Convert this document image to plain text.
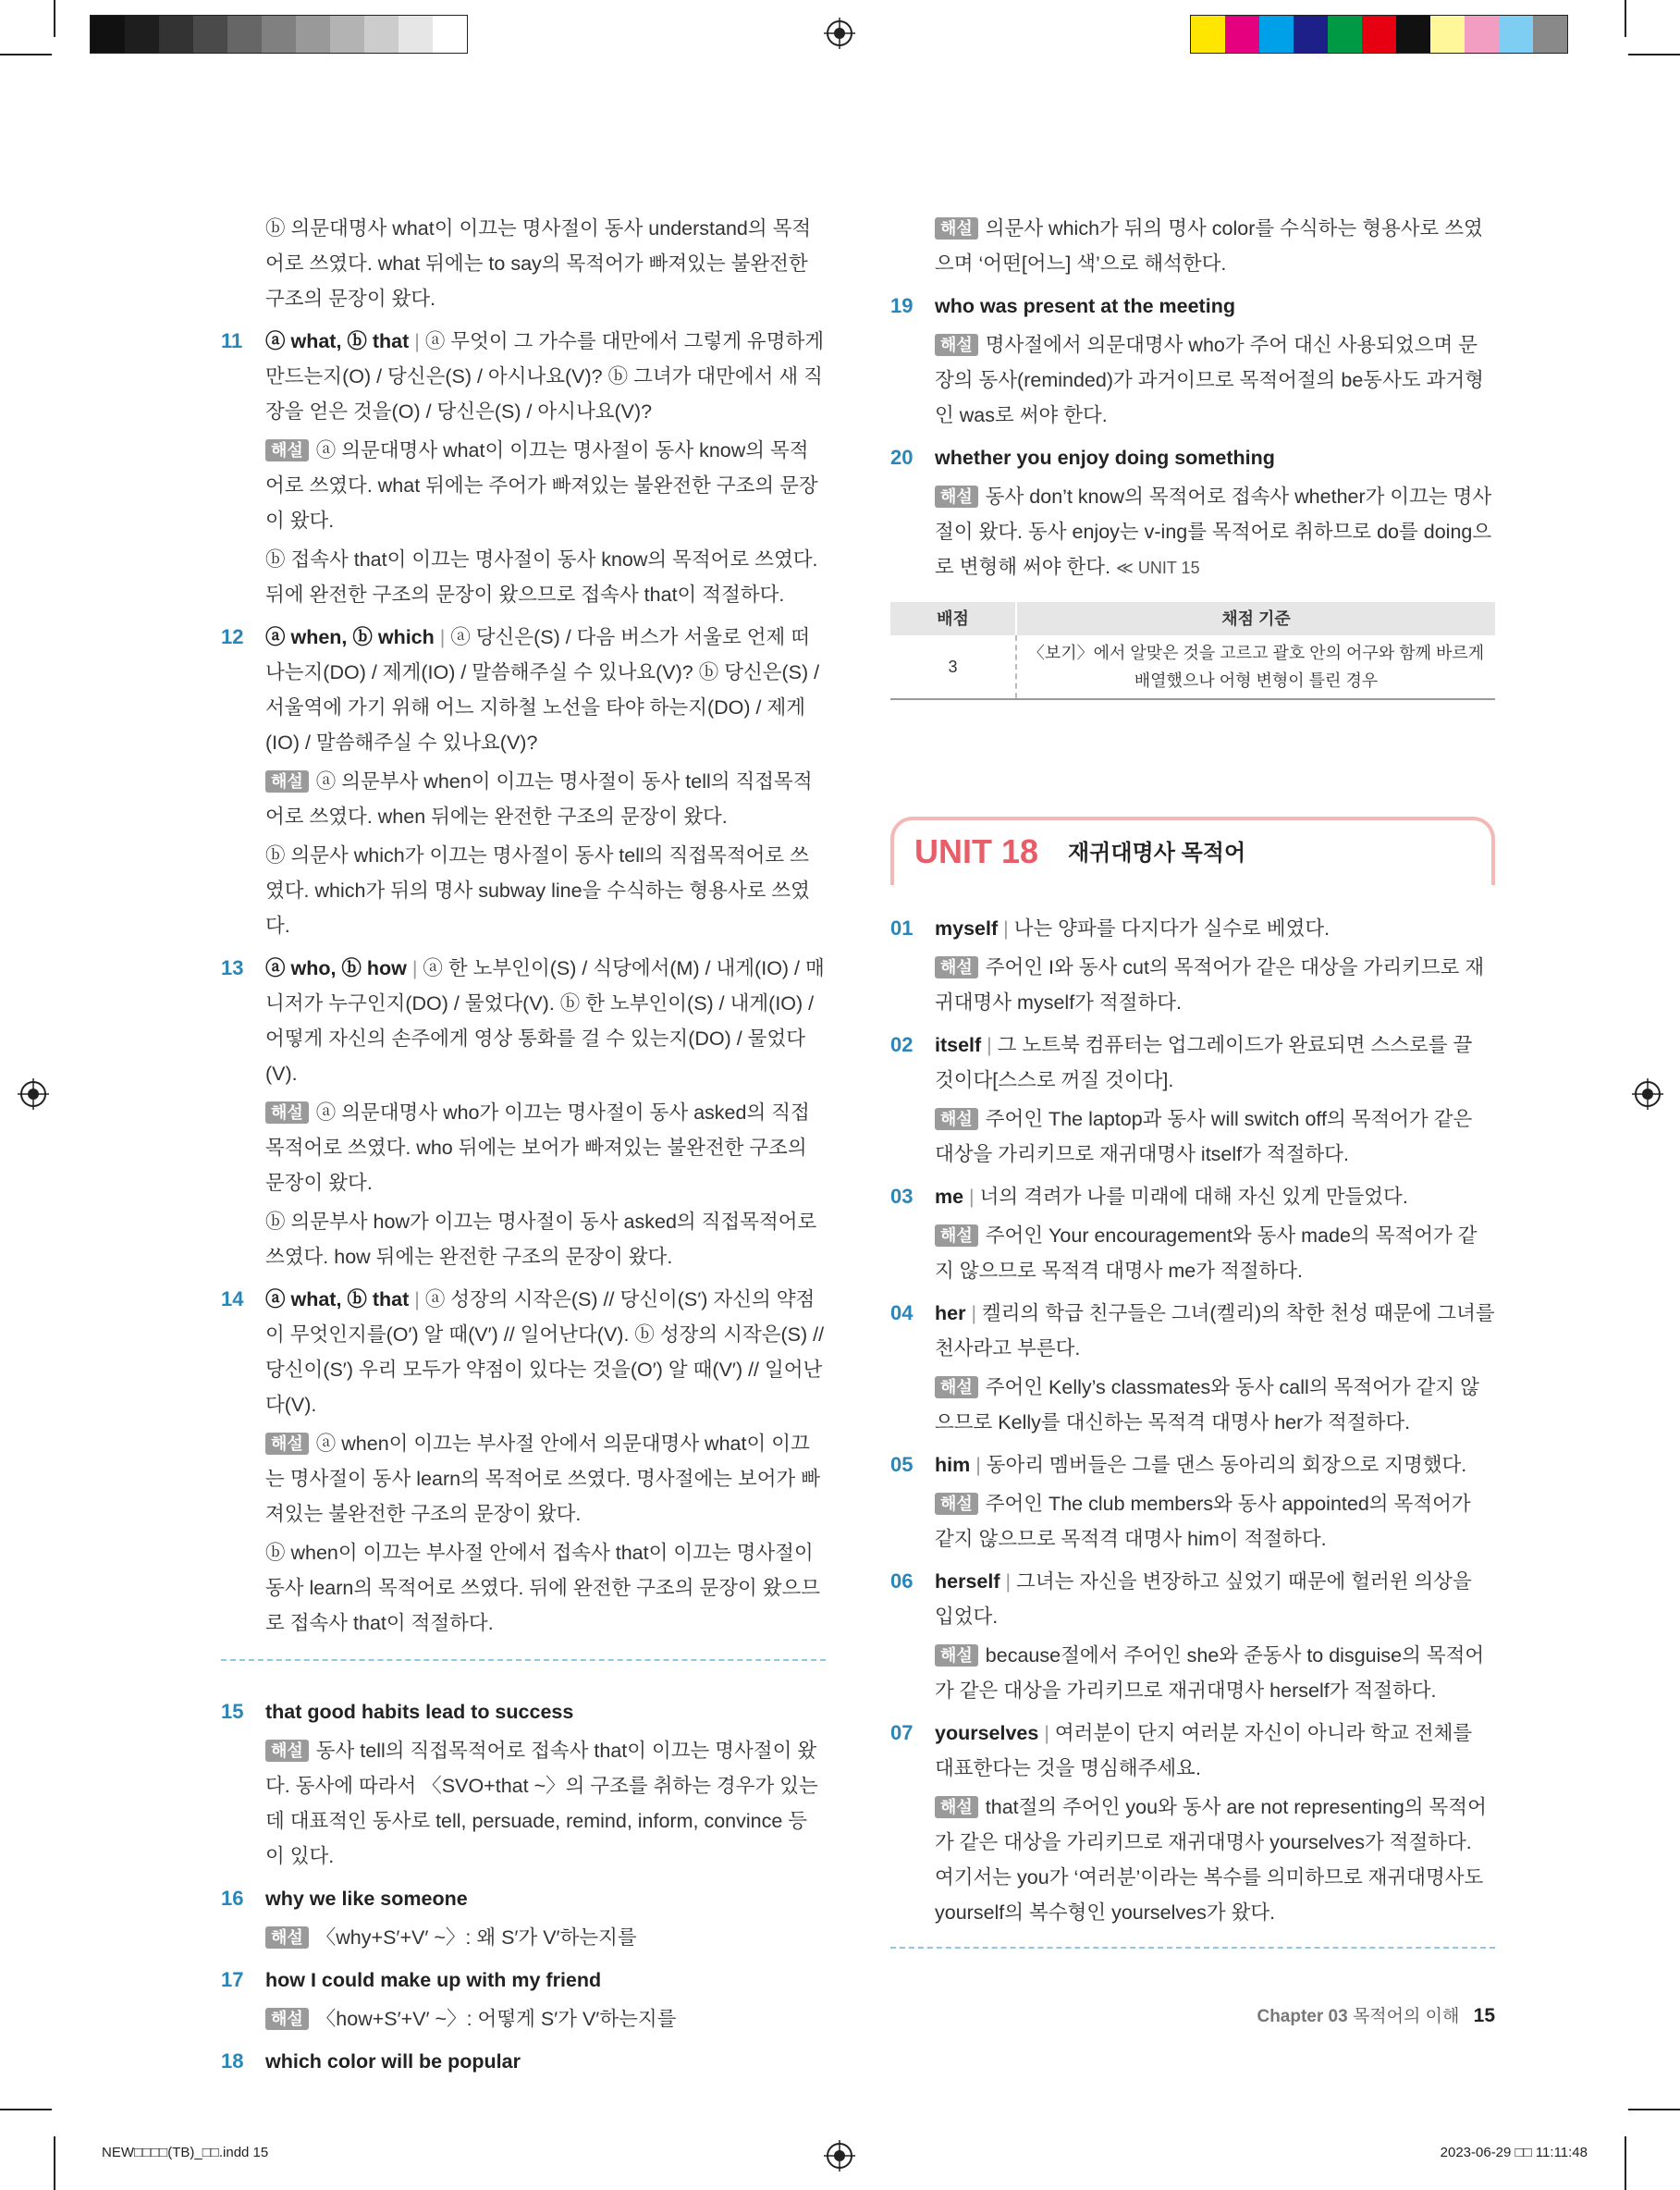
ⓑ 의문대명사 what이 이끄는 명사절이 동사 understand의 목적어로 쓰였다. what 뒤에는 to say의 목적어가 빠져있는 불완전한 구조의 문장이 왔다.
11	ⓐ what, ⓑ that | ⓐ 무엇이 그 가수를 대만에서 그렇게 유명하게 만드는지(O) / 당신은(S) / 아시나요(V)? ⓑ 그녀가 대만에서 새 직장을 얻은 것을(O) / 당신은(S) / 아시나요(V)?
해설 ⓐ 의문대명사 what이 이끄는 명사절이 동사 know의 목적어로 쓰였다. what 뒤에는 주어가 빠져있는 불완전한 구조의 문장이 왔다.
ⓑ 접속사 that이 이끄는 명사절이 동사 know의 목적어로 쓰였다. 뒤에 완전한 구조의 문장이 왔으므로 접속사 that이 적절하다.
12	ⓐ when, ⓑ which | ⓐ 당신은(S) / 다음 버스가 서울로 언제 떠나는지(DO) / 제게(IO) / 말씀해주실 수 있나요(V)? ⓑ 당신은(S) / 서울역에 가기 위해 어느 지하철 노선을 타야 하는지(DO) / 제게(IO) / 말씀해주실 수 있나요(V)?
해설 ⓐ 의문부사 when이 이끄는 명사절이 동사 tell의 직접목적어로 쓰였다. when 뒤에는 완전한 구조의 문장이 왔다.
ⓑ 의문사 which가 이끄는 명사절이 동사 tell의 직접목적어로 쓰였다. which가 뒤의 명사 subway line을 수식하는 형용사로 쓰였다.
13	ⓐ who, ⓑ how | ⓐ 한 노부인이(S) / 식당에서(M) / 내게(IO) / 매니저가 누구인지(DO) / 물었다(V). ⓑ 한 노부인이(S) / 내게(IO) / 어떻게 자신의 손주에게 영상 통화를 걸 수 있는지(DO) / 물었다(V).
해설 ⓐ 의문대명사 who가 이끄는 명사절이 동사 asked의 직접목적어로 쓰였다. who 뒤에는 보어가 빠져있는 불완전한 구조의 문장이 왔다.
ⓑ 의문부사 how가 이끄는 명사절이 동사 asked의 직접목적어로 쓰였다. how 뒤에는 완전한 구조의 문장이 왔다.
14	ⓐ what, ⓑ that | ⓐ 성장의 시작은(S) // 당신이(S′) 자신의 약점이 무엇인지를(O′) 알 때(V′) // 일어난다(V). ⓑ 성장의 시작은(S) // 당신이(S′) 우리 모두가 약점이 있다는 것을(O′) 알 때(V′) // 일어난다(V).
해설 ⓐ when이 이끄는 부사절 안에서 의문대명사 what이 이끄는 명사절이 동사 learn의 목적어로 쓰였다. 명사절에는 보어가 빠져있는 불완전한 구조의 문장이 왔다.
ⓑ when이 이끄는 부사절 안에서 접속사 that이 이끄는 명사절이 동사 learn의 목적어로 쓰였다. 뒤에 완전한 구조의 문장이 왔으므로 접속사 that이 적절하다.
15	that good habits lead to success
해설 동사 tell의 직접목적어로 접속사 that이 이끄는 명사절이 왔다. 동사에 따라서 〈SVO+that ~〉의 구조를 취하는 경우가 있는데 대표적인 동사로 tell, persuade, remind, inform, convince 등이 있다.
16	why we like someone
해설 〈why+S′+V′ ~〉: 왜 S′가 V′하는지를
17	how I could make up with my friend
해설 〈how+S′+V′ ~〉: 어떻게 S′가 V′하는지를
18	which color will be popular
해설 의문사 which가 뒤의 명사 color를 수식하는 형용사로 쓰였으며 ‘어떤[어느] 색’으로 해석한다.
19	who was present at the meeting
해설 명사절에서 의문대명사 who가 주어 대신 사용되었으며 문장의 동사(reminded)가 과거이므로 목적어절의 be동사도 과거형인 was로 써야 한다.
20	whether you enjoy doing something
해설 동사 don’t know의 목적어로 접속사 whether가 이끄는 명사절이 왔다. 동사 enjoy는 v-ing를 목적어로 취하므로 do를 doing으로 변형해 써야 한다. ≪ UNIT 15
배점	채점 기준
3	〈보기〉에서 알맞은 것을 고르고 괄호 안의 어구와 함께 바르게 배열했으나 어형 변형이 틀린 경우
UNIT 18 재귀대명사 목적어
01	myself | 나는 양파를 다지다가 실수로 베였다.
해설 주어인 I와 동사 cut의 목적어가 같은 대상을 가리키므로 재귀대명사 myself가 적절하다.
02	itself | 그 노트북 컴퓨터는 업그레이드가 완료되면 스스로를 끌 것이다[스스로 꺼질 것이다].
해설 주어인 The laptop과 동사 will switch off의 목적어가 같은 대상을 가리키므로 재귀대명사 itself가 적절하다.
03	me | 너의 격려가 나를 미래에 대해 자신 있게 만들었다.
해설 주어인 Your encouragement와 동사 made의 목적어가 같지 않으므로 목적격 대명사 me가 적절하다.
04	her | 켈리의 학급 친구들은 그녀(켈리)의 착한 천성 때문에 그녀를 천사라고 부른다.
해설 주어인 Kelly’s classmates와 동사 call의 목적어가 같지 않으므로 Kelly를 대신하는 목적격 대명사 her가 적절하다.
05	him | 동아리 멤버들은 그를 댄스 동아리의 회장으로 지명했다.
해설 주어인 The club members와 동사 appointed의 목적어가 같지 않으므로 목적격 대명사 him이 적절하다.
06	herself | 그녀는 자신을 변장하고 싶었기 때문에 헐러윈 의상을 입었다.
해설 because절에서 주어인 she와 준동사 to disguise의 목적어가 같은 대상을 가리키므로 재귀대명사 herself가 적절하다.
07	yourselves | 여러분이 단지 여러분 자신이 아니라 학교 전체를 대표한다는 것을 명심해주세요.
해설 that절의 주어인 you와 동사 are not representing의 목적어가 같은 대상을 가리키므로 재귀대명사 yourselves가 적절하다. 여기서는 you가 ‘여러분’이라는 복수를 의미하므로 재귀대명사도 yourself의 복수형인 yourselves가 왔다.
Chapter 03 목적어의 이해 15
NEW□□□□(TB)_□□.indd 15	2023-06-29 □□ 11:11:48
